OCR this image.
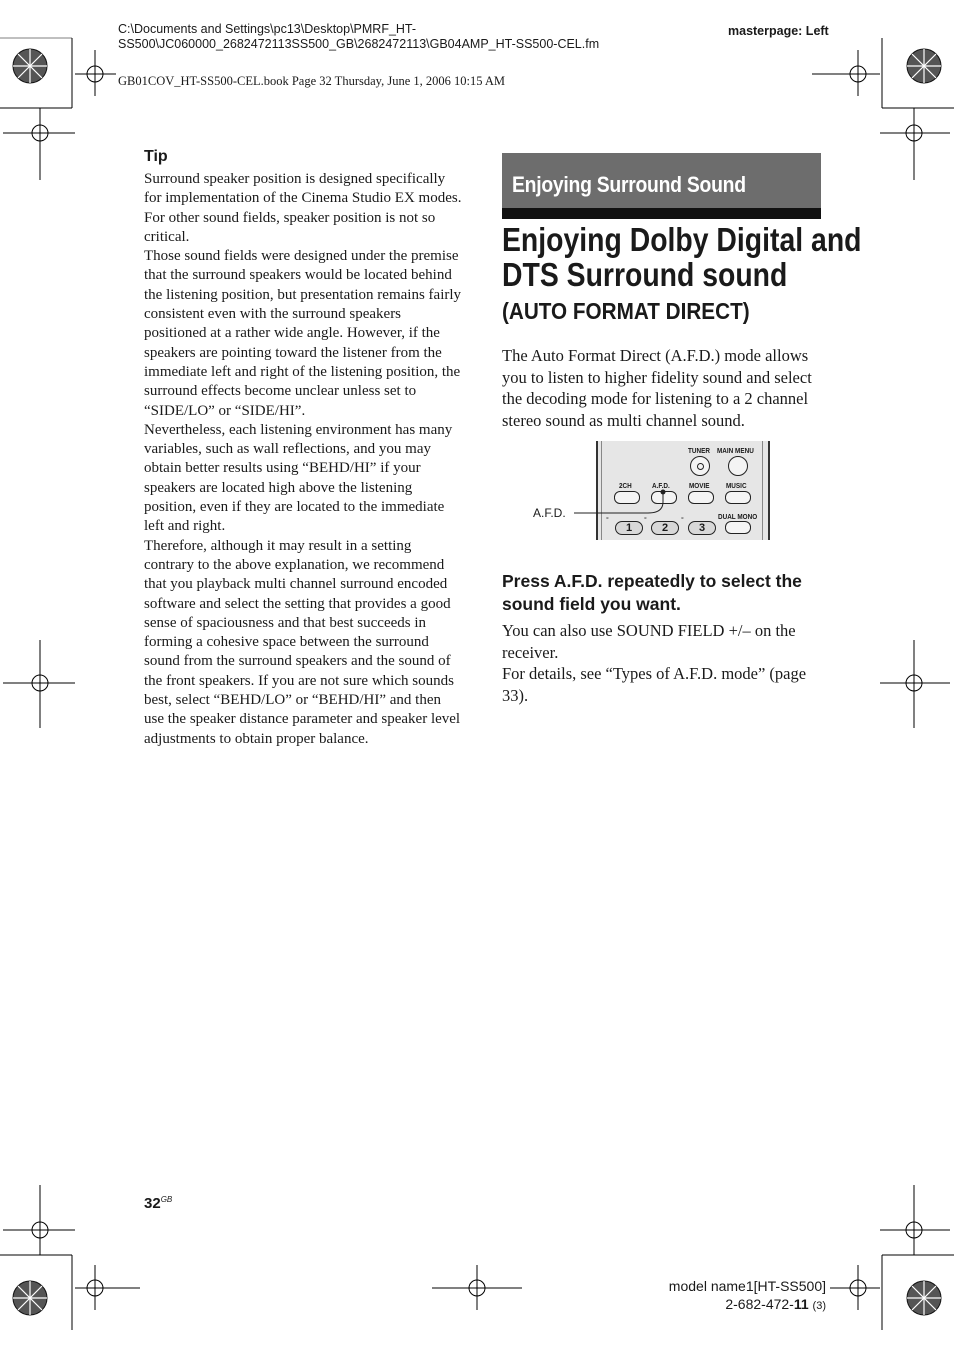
C:\Documents and Settings\pc13\Desktop\PMRF_HT-SS500\JC060000_2682472113SS500_GB\2682472113\GB04AMP_HT-SS500-CEL.fm
masterpage: Left
GB01COV_HT-SS500-CEL.book Page 32 Thursday, June 1, 2006 10:15 AM
Tip

Surround speaker position is designed specifically for implementation of the Cinema Studio EX modes. For other sound fields, speaker position is not so critical.

Those sound fields were designed under the premise that the surround speakers would be located behind the listening position, but presentation remains fairly consistent even with the surround speakers positioned at a rather wide angle. However, if the speakers are pointing toward the listener from the immediate left and right of the listening position, the surround effects become unclear unless set to “SIDE/LO” or “SIDE/HI”.

Nevertheless, each listening environment has many variables, such as wall reflections, and you may obtain better results using “BEHD/HI” if your speakers are located high above the listening position, even if they are located to the immediate left and right.

Therefore, although it may result in a setting contrary to the above explanation, we recommend that you playback multi channel surround encoded software and select the setting that provides a good sense of spaciousness and that best succeeds in forming a cohesive space between the surround sound from the surround speakers and the sound of the front speakers. If you are not sure which sounds best, select “BEHD/LO” or “BEHD/HI” and then use the speaker distance parameter and speaker level adjustments to obtain proper balance.

Enjoying Surround Sound
Enjoying Dolby Digital and DTS Surround sound
(AUTO FORMAT DIRECT)
The Auto Format Direct (A.F.D.) mode allows you to listen to higher fidelity sound and select the decoding mode for listening to a 2 channel stereo sound as multi channel sound.
TUNER MAIN MENU
2CH	A.F.D.	MOVIE MUSIC
DUAL MONO
°
1
°
2
°
3
A.F.D.
Press A.F.D. repeatedly to select the sound field you want.
You can also use SOUND FIELD +/– on the receiver.
For details, see “Types of A.F.D. mode” (page 33).
$32^{GB}$
model name1[HT-SS500]
2-682-472-11 (3)
